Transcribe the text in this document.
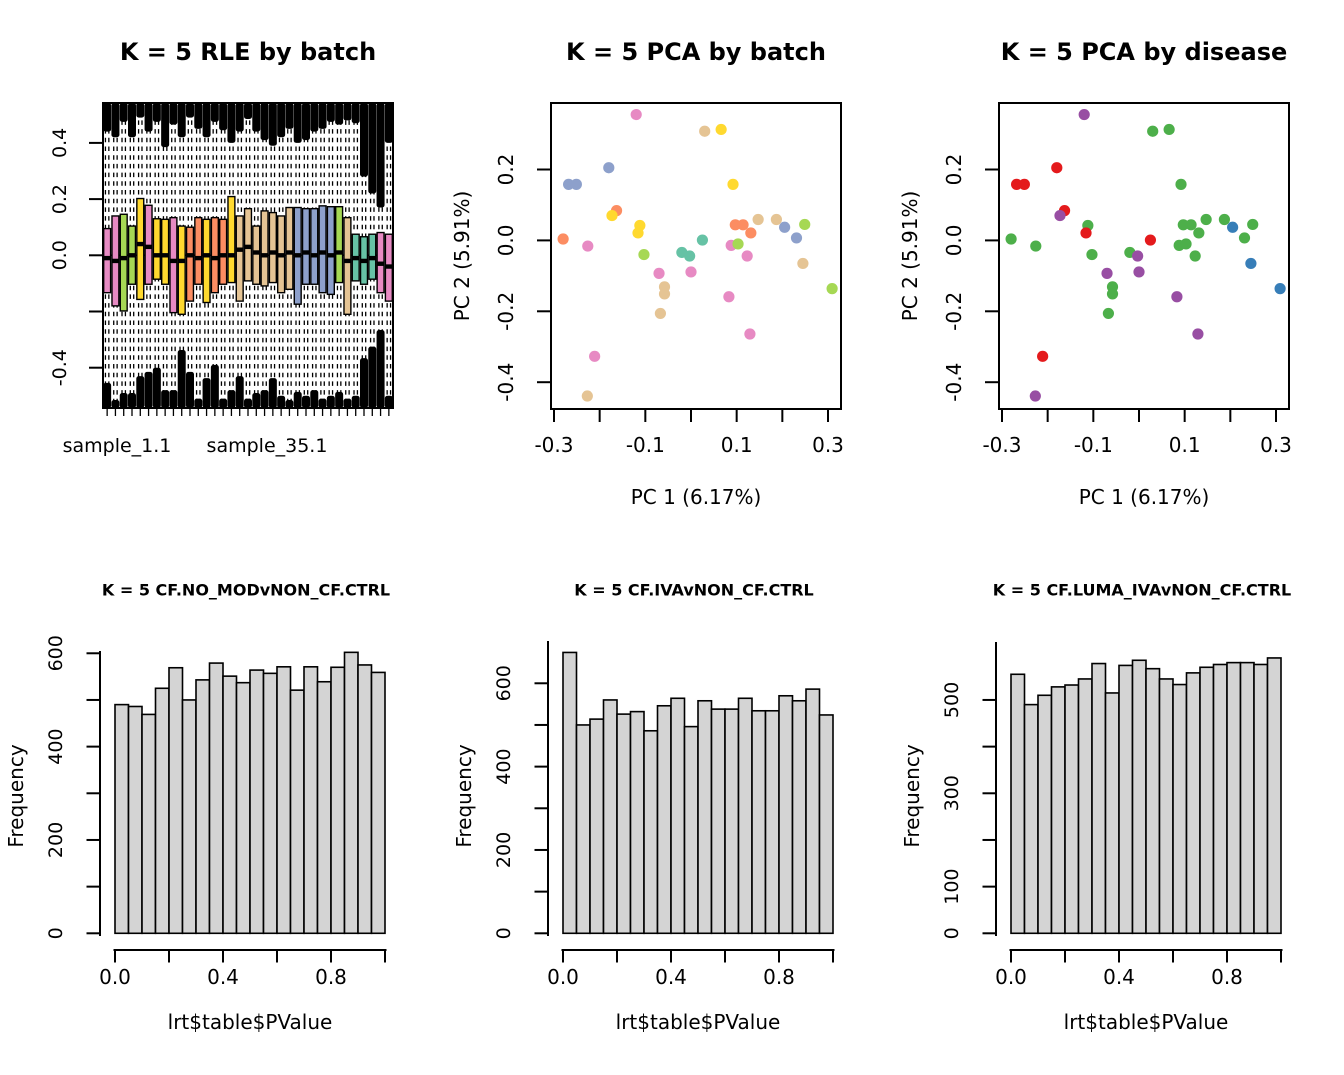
0.4
0.2
0.0
-0.4
-0.3	-0.1	0.1	0.3
0.2
0.0
-0.2
-0.4
-0.3	-0.1	0.1	0.3
0.2
0.0
-0.2
-0.4
0
200
400
600
0.0	0.4	0.8
0
200
400
600
0.0	0.4	0.8
0
100
300
500
0.0	0.4	0.8
K = 5 RLE by batch	K = 5 PCA by batch	K = 5 PCA by disease
K = 5 CF.NO_MODvNON_CF.CTRL	K = 5 CF.IVAvNON_CF.CTRL	K = 5 CF.LUMA_IVAvNON_CF.CTRL
sample_1.1 sample_35.1
PC 1 (6.17%)	PC 1 (6.17%)
PC 2 (5.91%)	PC 2 (5.91%)
Frequency	Frequency	Frequency
lrt$table$PValue	lrt$table$PValue	lrt$table$PValue
